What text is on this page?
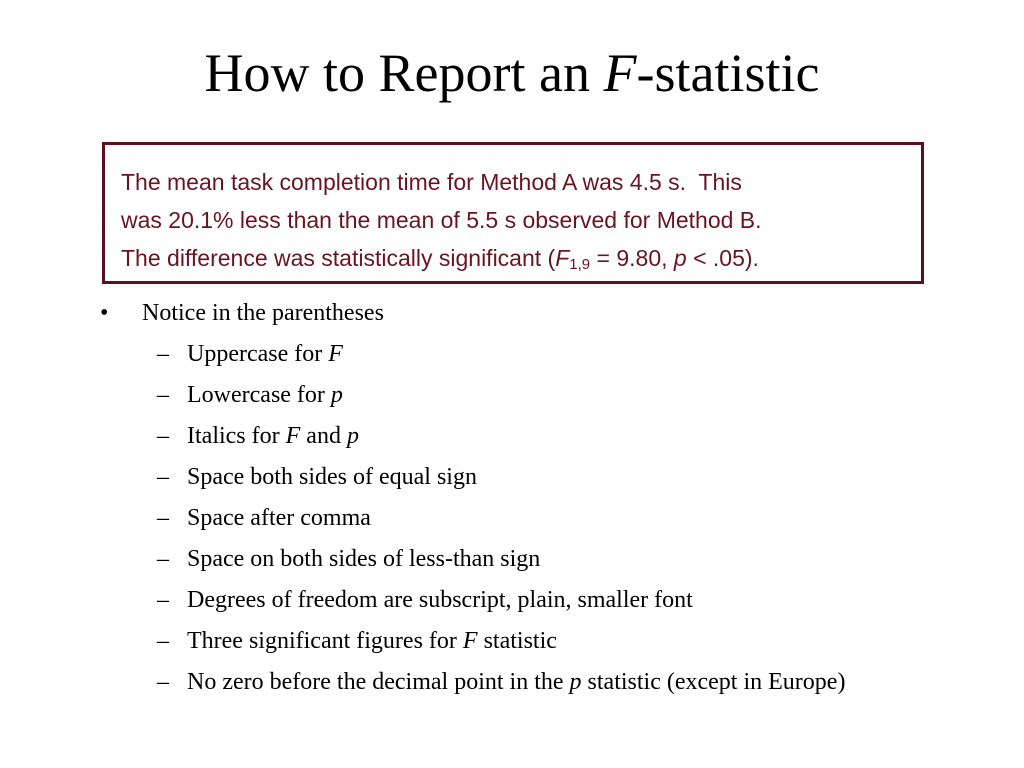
How to Report an F-statistic
The mean task completion time for Method A was 4.5 s.  This
was 20.1% less than the mean of 5.5 s observed for Method B.
The difference was statistically significant ($F_{1,9} = 9.80$, p < .05).
• Notice in the parentheses
– Uppercase for F
– Lowercase for p
– Italics for F and p
– Space both sides of equal sign
– Space after comma
– Space on both sides of less-than sign
– Degrees of freedom are subscript, plain, smaller font
– Three significant figures for F statistic
– No zero before the decimal point in the p statistic (except in Europe)
